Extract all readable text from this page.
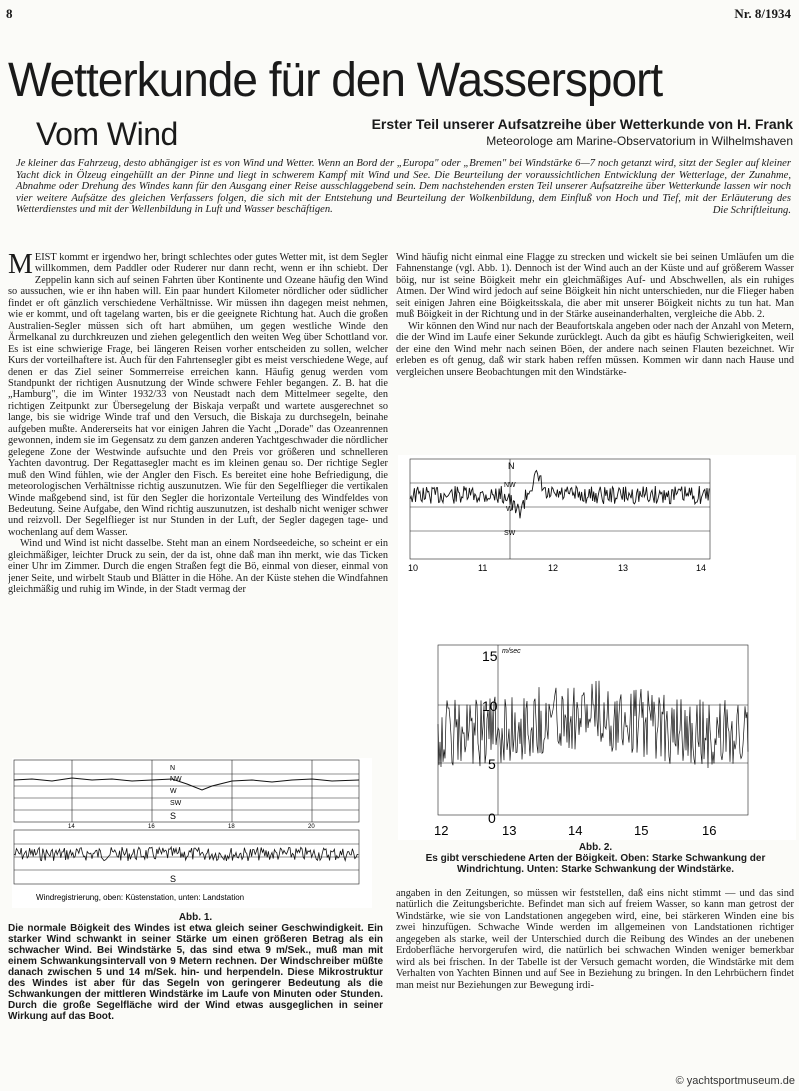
8	Nr. 8/1934
Wetterkunde für den Wassersport
Vom Wind	Erster Teil unserer Aufsatzreihe über Wetterkunde von H. Frank
Meteorologe am Marine-Observatorium in Wilhelmshaven
Je kleiner das Fahrzeug, desto abhängiger ist es von Wind und Wetter. Wenn an Bord der „Europa" oder „Bremen" bei Windstärke 6—7 noch getanzt wird, sitzt der Segler auf kleiner Yacht dick in Ölzeug eingehüllt an der Pinne und liegt in schwerem Kampf mit Wind und See. Die Beurteilung der voraussichtlichen Entwicklung der Wetterlage, der Zunahme, Abnahme oder Drehung des Windes kann für den Ausgang einer Reise ausschlaggebend sein. Dem nachstehenden ersten Teil unserer Aufsatzreihe über Wetterkunde lassen wir noch vier weitere Aufsätze des gleichen Verfassers folgen, die sich mit der Entstehung und Beurteilung der Wolkenbildung, dem Einfluß von Hoch und Tief, mit der Erläuterung des Wetterdienstes und mit der Wellenbildung in Luft und Wasser beschäftigen.	Die Schriftleitung.

MEIST kommt er irgendwo her, bringt schlechtes oder gutes Wetter mit, ist dem Segler willkommen, dem Paddler oder Ruderer nur dann recht, wenn er ihn schiebt. Der Zeppelin kann sich auf seinen Fahrten über Kontinente und Ozeane häufig den Wind so aussuchen, wie er ihn haben will. Ein paar hundert Kilometer nördlicher oder südlicher findet er oft gänzlich verschiedene Verhältnisse. Wir müssen ihn dagegen meist nehmen, wie er kommt, und oft tagelang warten, bis er die geeignete Richtung hat. Auch die großen Australien-Segler müssen sich oft hart abmühen, um gegen westliche Winde den Ärmelkanal zu durchkreuzen und ziehen gelegentlich den weiten Weg über Schottland vor. Es ist eine schwierige Frage, bei längeren Reisen vorher entscheiden zu sollen, welcher Kurs der vorteilhaftere ist. Auch für den Fahrtensegler gibt es meist verschiedene Wege, auf denen er das Ziel seiner Sommerreise erreichen kann. Häufig genug werden vom Standpunkt der richtigen Ausnutzung der Winde schwere Fehler begangen. Z. B. hat die „Hamburg", die im Winter 1932/33 von Neustadt nach dem Mittelmeer segelte, den richtigen Zeitpunkt zur Übersegelung der Biskaja verpaßt und wartete ausgerechnet so lange, bis sie widrige Winde traf und den Versuch, die Biskaja zu durchsegeln, beinahe aufgeben mußte. Andererseits hat vor einigen Jahren die Yacht „Dorade" das Ozeanrennen gewonnen, indem sie im Gegensatz zu dem ganzen anderen Yachtgeschwader die nördlicher gelegene Zone der Westwinde aufsuchte und den Preis vor größeren und schnelleren Yachten davontrug. Der Regattasegler macht es im kleinen genau so. Der richtige Segler muß den Wind fühlen, wie der Angler den Fisch. Es bereitet eine hohe Befriedigung, die meteorologischen Verhältnisse richtig auszunutzen. Wie für den Segelflieger die vertikalen Winde maßgebend sind, ist für den Segler die horizontale Verteilung des Windfeldes von Bedeutung. Seine Aufgabe, den Wind richtig auszunutzen, ist deshalb nicht weniger schwer und reizvoll. Der Segelflieger ist nur Stunden in der Luft, der Segler dagegen tage- und wochenlang auf dem Wasser.

Wind und Wind ist nicht dasselbe. Steht man an einem Nordseedeiche, so scheint er ein gleichmäßiger, leichter Druck zu sein, der da ist, ohne daß man ihn merkt, wie das Ticken einer Uhr im Zimmer. Durch die engen Straßen fegt die Bö, einmal von dieser, einmal von jener Seite, und wirbelt Staub und Blätter in die Höhe. An der Küste stehen die Windfahnen gleichmäßig und ruhig im Winde, in der Stadt vermag der

N
NW
W
SW
S
14	16	18	20
S
Windregistrierung, oben: Küstenstation, unten: Landstation
Abb. 1.
Die normale Böigkeit des Windes ist etwa gleich seiner Geschwindigkeit. Ein starker Wind schwankt in seiner Stärke um einen größeren Betrag als ein schwacher Wind. Bei Windstärke 5, das sind etwa 9 m/Sek., muß man mit einem Schwankungsintervall von 9 Metern rechnen. Der Windschreiber müßte danach zwischen 5 und 14 m/Sek. hin- und herpendeln. Diese Mikrostruktur des Windes ist aber für das Segeln von geringerer Bedeutung als die Schwankungen der mittleren Windstärke im Laufe von Minuten oder Stunden. Durch die große Segelfläche wird der Wind etwas ausgeglichen in seiner Wirkung auf das Boot.

Wind häufig nicht einmal eine Flagge zu strecken und wickelt sie bei seinen Umläufen um die Fahnenstange (vgl. Abb. 1). Dennoch ist der Wind auch an der Küste und auf größerem Wasser böig, nur ist seine Böigkeit mehr ein gleichmäßiges Auf- und Abschwellen, als ein ruhiges Atmen. Der Wind wird jedoch auf seine Böigkeit hin nicht unterschieden, nur die Flieger haben seit einigen Jahren eine Böigkeitsskala, die aber mit unserer Böigkeit nichts zu tun hat. Man muß Böigkeit in der Richtung und in der Stärke auseinanderhalten, vergleiche die Abb. 2.

Wir können den Wind nur nach der Beaufortskala angeben oder nach der Anzahl von Metern, die der Wind im Laufe einer Sekunde zurücklegt. Auch da gibt es häufig Schwierigkeiten, weil der eine den Wind mehr nach seinen Böen, der andere nach seinen Flauten bezeichnet. Wir erleben es oft genug, daß wir stark haben reffen müssen. Kommen wir dann nach Hause und vergleichen unsere Beobachtungen mit den Windstärke-

N
NW
W
SW
10	11	12	13	14
15 m/sec
10
5
0
12	13	14	15	16
Abb. 2.
Es gibt verschiedene Arten der Böigkeit. Oben: Starke Schwankung der Windrichtung. Unten: Starke Schwankung der Windstärke.

angaben in den Zeitungen, so müssen wir feststellen, daß eins nicht stimmt — und das sind natürlich die Zeitungsberichte. Befindet man sich auf freiem Wasser, so kann man getrost der Windstärke, wie sie von Landstationen angegeben wird, eine, bei stärkeren Winden eine bis zwei hinzufügen. Schwache Winde werden im allgemeinen von Landstationen richtiger angegeben als starke, weil der Unterschied durch die Reibung des Windes an der unebenen Erdoberfläche hervorgerufen wird, die natürlich bei schwachen Winden weniger bemerkbar wird als bei frischen. In der Tabelle ist der Versuch gemacht worden, die Windstärke mit dem Verhalten von Yachten Binnen und auf See in Beziehung zu bringen. In den Lehrbüchern findet man meist nur Beziehungen zur Bewegung irdi-

© yachtsportmuseum.de
